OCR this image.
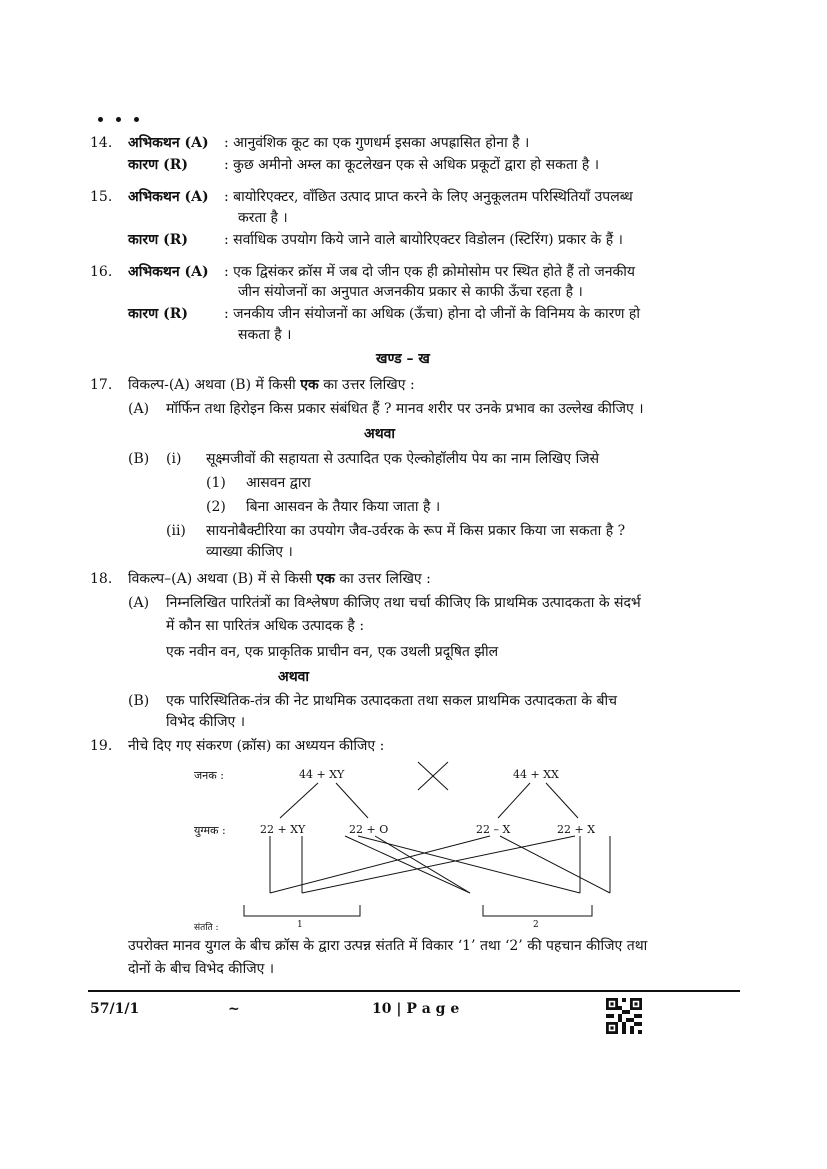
14. अभिकथन (A) : आनुवंशिक कूट का एक गुणधर्म इसका अपह्रासित होना है ।
कारण (R)	: कुछ अमीनो अम्ल का कूटलेखन एक से अधिक प्रकूटों द्वारा हो सकता है ।
15. अभिकथन (A) : बायोरिएक्टर, वाँछित उत्पाद प्राप्त करने के लिए अनुकूलतम परिस्थितियाँ उपलब्ध
करता है ।
कारण (R)	: सर्वाधिक उपयोग किये जाने वाले बायोरिएक्टर विडोलन (स्टिरिंग) प्रकार के हैं ।
16. अभिकथन (A) : एक द्विसंकर क्रॉस में जब दो जीन एक ही क्रोमोसोम पर स्थित होते हैं तो जनकीय
जीन संयोजनों का अनुपात अजनकीय प्रकार से काफी ऊँचा रहता है ।
कारण (R)	: जनकीय जीन संयोजनों का अधिक (ऊँचा) होना दो जीनों के विनिमय के कारण हो
सकता है ।
खण्ड – ख
17. विकल्प-(A) अथवा (B) में किसी एक का उत्तर लिखिए :
(A) मॉर्फिन तथा हिरोइन किस प्रकार संबंधित हैं ? मानव शरीर पर उनके प्रभाव का उल्लेख कीजिए ।
अथवा
(B) (i) सूक्ष्मजीवों की सहायता से उत्पादित एक ऐल्कोहॉलीय पेय का नाम लिखिए जिसे
(1) आसवन द्वारा
(2) बिना आसवन के तैयार किया जाता है ।
(ii) सायनोबैक्टीरिया का उपयोग जैव-उर्वरक के रूप में किस प्रकार किया जा सकता है ?
व्याख्या कीजिए ।
18. विकल्प–(A) अथवा (B) में से किसी एक का उत्तर लिखिए :
(A) निम्नलिखित पारितंत्रों का विश्लेषण कीजिए तथा चर्चा कीजिए कि प्राथमिक उत्पादकता के संदर्भ
में कौन सा पारितंत्र अधिक उत्पादक है :
एक नवीन वन, एक प्राकृतिक प्राचीन वन, एक उथली प्रदूषित झील
अथवा
(B) एक पारिस्थितिक-तंत्र की नेट प्राथमिक उत्पादकता तथा सकल प्राथमिक उत्पादकता के बीच
विभेद कीजिए ।
19. नीचे दिए गए संकरण (क्रॉस) का अध्ययन कीजिए :
जनक :	44 + XY	44 + XX
युग्मक :	22 + XY	22 + O	22 – X	22 + X
संतति :	1	2
उपरोक्त मानव युगल के बीच क्रॉस के द्वारा उत्पन्न संतति में विकार ‘1’ तथा ‘2’ की पहचान कीजिए तथा
दोनों के बीच विभेद कीजिए ।
57/1/1	~	10 | P a g e
